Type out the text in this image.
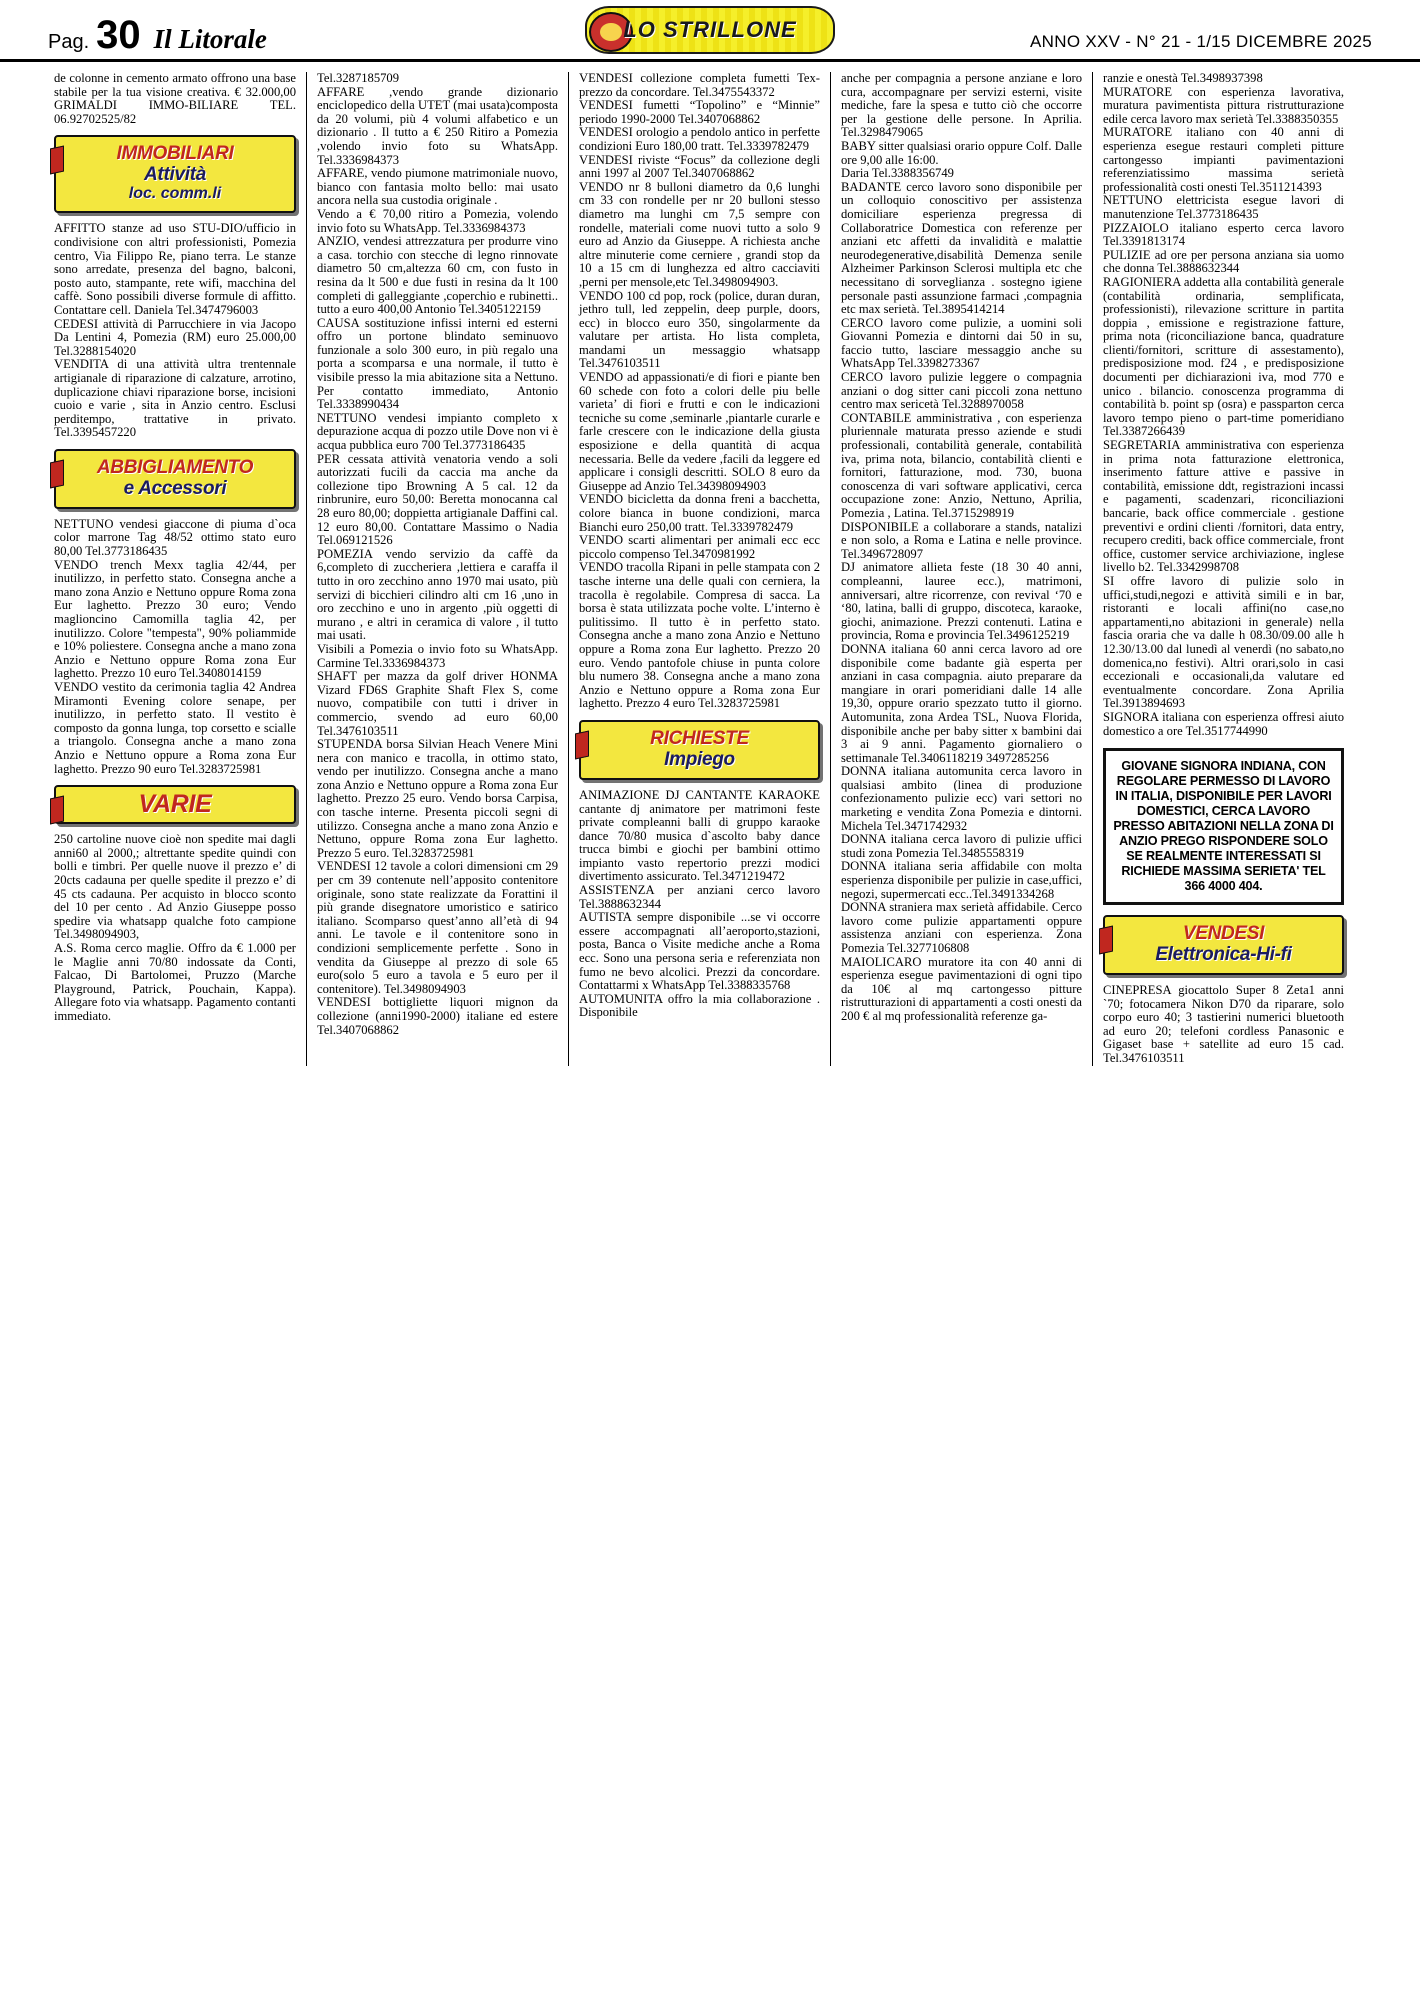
Pag. 30 Il Litorale	LO STRILLONE	ANNO XXV - N° 21 - 1/15 DICEMBRE 2025

de colonne in cemento armato offrono una base stabile per la tua visione creativa. € 32.000,00 GRIMALDI IMMO-BILIARE TEL. 06.92702525/82

IMMOBILIARI
Attività
loc. comm.li

AFFITTO stanze ad uso STU-DIO/ufficio in condivisione con altri professionisti, Pomezia centro, Via Filippo Re, piano terra. Le stanze sono arredate, presenza del bagno, balconi, posto auto, stampante, rete wifi, macchina del caffè. Sono possibili diverse formule di affitto. Contattare cell. Daniela Tel.3474796003

CEDESI attività di Parrucchiere in via Jacopo Da Lentini 4, Pomezia (RM) euro 25.000,00 Tel.3288154020

VENDITA di una attività ultra trentennale artigianale di riparazione di calzature, arrotino, duplicazione chiavi riparazione borse, incisioni cuoio e varie , sita in Anzio centro. Esclusi perditempo, trattative in privato. Tel.3395457220

ABBIGLIAMENTO
e Accessori

NETTUNO vendesi giaccone di piuma d`oca color marrone Tag 48/52 ottimo stato euro 80,00 Tel.3773186435

VENDO trench Mexx taglia 42/44, per inutilizzo, in perfetto stato. Consegna anche a mano zona Anzio e Nettuno oppure Roma zona Eur laghetto. Prezzo 30 euro; Vendo maglioncino Camomilla taglia 42, per inutilizzo. Colore "tempesta", 90% poliammide e 10% poliestere. Consegna anche a mano zona Anzio e Nettuno oppure Roma zona Eur laghetto. Prezzo 10 euro Tel.3408014159

VENDO vestito da cerimonia taglia 42 Andrea Miramonti Evening colore senape, per inutilizzo, in perfetto stato. Il vestito è composto da gonna lunga, top corsetto e scialle a triangolo. Consegna anche a mano zona Anzio e Nettuno oppure a Roma zona Eur laghetto. Prezzo 90 euro Tel.3283725981

VARIE

250 cartoline nuove cioè non spedite mai dagli anni60 al 2000,; altrettante spedite quindi con bolli e timbri. Per quelle nuove il prezzo e’ di 20cts cadauna per quelle spedite il prezzo e’ di 45 cts cadauna. Per acquisto in blocco sconto del 10 per cento . Ad Anzio Giuseppe posso spedire via whatsapp qualche foto campione Tel.3498094903,

A.S. Roma cerco maglie. Offro da € 1.000 per le Maglie anni 70/80 indossate da Conti, Falcao, Di Bartolomei, Pruzzo (Marche Playground, Patrick, Pouchain, Kappa). Allegare foto via whatsapp. Pagamento contanti immediato.

Tel.3287185709

AFFARE ,vendo grande dizionario enciclopedico della UTET (mai usata)composta da 20 volumi, più 4 volumi alfabetico e un dizionario . Il tutto a € 250 Ritiro a Pomezia ,volendo invio foto su WhatsApp. Tel.3336984373

AFFARE, vendo piumone matrimoniale nuovo, bianco con fantasia molto bello: mai usato ancora nella sua custodia originale .

Vendo a € 70,00 ritiro a Pomezia, volendo invio foto su WhatsApp. Tel.3336984373

ANZIO, vendesi attrezzatura per produrre vino a casa. torchio con stecche di legno rinnovate diametro 50 cm,altezza 60 cm, con fusto in resina da lt 500 e due fusti in resina da lt 100 completi di galleggiante ,coperchio e rubinetti.. tutto a euro 400,00 Antonio Tel.3405122159

CAUSA sostituzione infissi interni ed esterni offro un portone blindato seminuovo funzionale a solo 300 euro, in più regalo una porta a scomparsa e una normale, il tutto è visibile presso la mia abitazione sita a Nettuno. Per contatto immediato, Antonio Tel.3338990434

NETTUNO vendesi impianto completo x depurazione acqua di pozzo utile Dove non vi è acqua pubblica euro 700 Tel.3773186435

PER cessata attività venatoria vendo a soli autorizzati fucili da caccia ma anche da collezione tipo Browning A 5 cal. 12 da rinbrunire, euro 50,00: Beretta monocanna cal 28 euro 80,00; doppietta artigianale Daffini cal. 12 euro 80,00. Contattare Massimo o Nadia Tel.069121526

POMEZIA vendo servizio da caffè da 6,completo di zuccheriera ,lettiera e caraffa il tutto in oro zecchino anno 1970 mai usato, più servizi di bicchieri cilindro alti cm 16 ,uno in oro zecchino e uno in argento ,più oggetti di murano , e altri in ceramica di valore , il tutto mai usati.

Visibili a Pomezia o invio foto su WhatsApp. Carmine Tel.3336984373

SHAFT per mazza da golf driver HONMA Vizard FD6S Graphite Shaft Flex S, come nuovo, compatibile con tutti i driver in commercio, svendo ad euro 60,00 Tel.3476103511

STUPENDA borsa Silvian Heach Venere Mini nera con manico e tracolla, in ottimo stato, vendo per inutilizzo. Consegna anche a mano zona Anzio e Nettuno oppure a Roma zona Eur laghetto. Prezzo 25 euro. Vendo borsa Carpisa, con tasche interne. Presenta piccoli segni di utilizzo. Consegna anche a mano zona Anzio e Nettuno, oppure Roma zona Eur laghetto. Prezzo 5 euro. Tel.3283725981

VENDESI 12 tavole a colori dimensioni cm 29 per cm 39 contenute nell’apposito contenitore originale, sono state realizzate da Forattini il più grande disegnatore umoristico e satirico italiano. Scomparso quest’anno all’età di 94 anni. Le tavole e il contenitore sono in condizioni semplicemente perfette . Sono in vendita da Giuseppe al prezzo di sole 65 euro(solo 5 euro a tavola e 5 euro per il contenitore). Tel.3498094903

VENDESI bottigliette liquori mignon da collezione (anni1990-2000) italiane ed estere Tel.3407068862

VENDESI collezione completa fumetti Tex- prezzo da concordare. Tel.3475543372

VENDESI fumetti “Topolino” e “Minnie” periodo 1990-2000 Tel.3407068862

VENDESI orologio a pendolo antico in perfette condizioni Euro 180,00 tratt. Tel.3339782479

VENDESI riviste “Focus” da collezione degli anni 1997 al 2007 Tel.3407068862

VENDO nr 8 bulloni diametro da 0,6 lunghi cm 33 con rondelle per nr 20 bulloni stesso diametro ma lunghi cm 7,5 sempre con rondelle, materiali come nuovi tutto a solo 9 euro ad Anzio da Giuseppe. A richiesta anche altre minuterie come cerniere , grandi stop da 10 a 15 cm di lunghezza ed altro cacciaviti ,perni per mensole,etc Tel.3498094903.

VENDO 100 cd pop, rock (police, duran duran, jethro tull, led zeppelin, deep purple, doors, ecc) in blocco euro 350, singolarmente da valutare per artista. Ho lista completa, mandami un messaggio whatsapp Tel.3476103511

VENDO ad appassionati/e di fiori e piante ben 60 schede con foto a colori delle piu belle varieta’ di fiori e frutti e con le indicazioni tecniche su come ,seminarle ,piantarle curarle e farle crescere con le indicazione della giusta esposizione e della quantità di acqua necessaria. Belle da vedere ,facili da leggere ed applicare i consigli descritti. SOLO 8 euro da Giuseppe ad Anzio Tel.34398094903

VENDO bicicletta da donna freni a bacchetta, colore bianca in buone condizioni, marca Bianchi euro 250,00 tratt. Tel.3339782479

VENDO scarti alimentari per animali ecc ecc piccolo compenso Tel.3470981992

VENDO tracolla Ripani in pelle stampata con 2 tasche interne una delle quali con cerniera, la tracolla è regolabile. Compresa di sacca. La borsa è stata utilizzata poche volte. L’interno è pulitissimo. Il tutto è in perfetto stato. Consegna anche a mano zona Anzio e Nettuno oppure a Roma zona Eur laghetto. Prezzo 20 euro. Vendo pantofole chiuse in punta colore blu numero 38. Consegna anche a mano zona Anzio e Nettuno oppure a Roma zona Eur laghetto. Prezzo 4 euro Tel.3283725981

RICHIESTE
Impiego

ANIMAZIONE DJ CANTANTE KARAOKE cantante dj animatore per matrimoni feste private compleanni balli di gruppo karaoke dance 70/80 musica d`ascolto baby dance trucca bimbi e giochi per bambini ottimo impianto vasto repertorio prezzi modici divertimento assicurato. Tel.3471219472

ASSISTENZA per anziani cerco lavoro Tel.3888632344

AUTISTA sempre disponibile ...se vi occorre essere accompagnati all’aeroporto,stazioni, posta, Banca o Visite mediche anche a Roma ecc. Sono una persona seria e referenziata non fumo ne bevo alcolici. Prezzi da concordare. Contattarmi x WhatsApp Tel.3388335768

AUTOMUNITA offro la mia collaborazione . Disponibile

anche per compagnia a persone anziane e loro cura, accompagnare per servizi esterni, visite mediche, fare la spesa e tutto ciò che occorre per la gestione delle persone. In Aprilia. Tel.3298479065

BABY sitter qualsiasi orario oppure Colf. Dalle ore 9,00 alle 16:00.

Daria Tel.3388356749

BADANTE cerco lavoro sono disponibile per un colloquio conoscitivo per assistenza domiciliare esperienza pregressa di Collaboratrice Domestica con referenze per anziani etc affetti da invalidità e malattie neurodegenerative,disabilità Demenza senile Alzheimer Parkinson Sclerosi multipla etc che necessitano di sorveglianza . sostegno igiene personale pasti assunzione farmaci ,compagnia etc max serietà. Tel.3895414214

CERCO lavoro come pulizie, a uomini soli Giovanni Pomezia e dintorni dai 50 in su, faccio tutto, lasciare messaggio anche su WhatsApp Tel.3398273367

CERCO lavoro pulizie leggere o compagnia anziani o dog sitter cani piccoli zona nettuno centro max sericetà Tel.3288970058

CONTABILE amministrativa , con esperienza pluriennale maturata presso aziende e studi professionali, contabilità generale, contabilità iva, prima nota, bilancio, contabilità clienti e fornitori, fatturazione, mod. 730, buona conoscenza di vari software applicativi, cerca occupazione zone: Anzio, Nettuno, Aprilia, Pomezia , Latina. Tel.3715298919

DISPONIBILE a collaborare a stands, natalizi e non solo, a Roma e Latina e nelle province. Tel.3496728097

DJ animatore allieta feste (18 30 40 anni, compleanni, lauree ecc.), matrimoni, anniversari, altre ricorrenze, con revival ‘70 e ‘80, latina, balli di gruppo, discoteca, karaoke, giochi, animazione. Prezzi contenuti. Latina e provincia, Roma e provincia Tel.3496125219

DONNA italiana 60 anni cerca lavoro ad ore disponibile come badante già esperta per anziani in casa compagnia. aiuto preparare da mangiare in orari pomeridiani dalle 14 alle 19,30, oppure orario spezzato tutto il giorno. Automunita, zona Ardea TSL, Nuova Florida, disponibile anche per baby sitter x bambini dai 3 ai 9 anni. Pagamento giornaliero o settimanale Tel.3406118219 3497285256

DONNA italiana automunita cerca lavoro in qualsiasi ambito (linea di produzione confezionamento pulizie ecc) vari settori no marketing e vendita Zona Pomezia e dintorni. Michela Tel.3471742932

DONNA italiana cerca lavoro di pulizie uffici studi zona Pomezia Tel.3485558319

DONNA italiana seria affidabile con molta esperienza disponibile per pulizie in case,uffici, negozi, supermercati ecc..Tel.3491334268

DONNA straniera max serietà affidabile. Cerco lavoro come pulizie appartamenti oppure assistenza anziani con esperienza. Zona Pomezia Tel.3277106808

MAIOLICARO muratore ita con 40 anni di esperienza esegue pavimentazioni di ogni tipo da 10€ al mq cartongesso pitture ristrutturazioni di appartamenti a costi onesti da 200 € al mq professionalità referenze ga-

ranzie e onestà Tel.3498937398

MURATORE con esperienza lavorativa, muratura pavimentista pittura ristrutturazione edile cerca lavoro max serietà Tel.3388350355

MURATORE italiano con 40 anni di esperienza esegue restauri completi pitture cartongesso impianti pavimentazioni referenziatissimo massima serietà professionalità costi onesti Tel.3511214393

NETTUNO elettricista esegue lavori di manutenzione Tel.3773186435

PIZZAIOLO italiano esperto cerca lavoro Tel.3391813174

PULIZIE ad ore per persona anziana sia uomo che donna Tel.3888632344

RAGIONIERA addetta alla contabilità generale (contabilità ordinaria, semplificata, professionisti), rilevazione scritture in partita doppia , emissione e registrazione fatture, prima nota (riconciliazione banca, quadrature clienti/fornitori, scritture di assestamento), predisposizione mod. f24 , e predisposizione documenti per dichiarazioni iva, mod 770 e unico . bilancio. conoscenza programma di contabilità b. point sp (osra) e passparton cerca lavoro tempo pieno o part-time pomeridiano Tel.3387266439

SEGRETARIA amministrativa con esperienza in prima nota fatturazione elettronica, inserimento fatture attive e passive in contabilità, emissione ddt, registrazioni incassi e pagamenti, scadenzari, riconciliazioni bancarie, back office commerciale . gestione preventivi e ordini clienti /fornitori, data entry, recupero crediti, back office commerciale, front office, customer service archiviazione, inglese livello b2. Tel.3342998708

SI offre lavoro di pulizie solo in uffici,studi,negozi e attività simili e in bar, ristoranti e locali affini(no case,no appartamenti,no abitazioni in generale) nella fascia oraria che va dalle h 08.30/09.00 alle h 12.30/13.00 dal lunedì al venerdì (no sabato,no domenica,no festivi). Altri orari,solo in casi eccezionali e occasionali,da valutare ed eventualmente concordare. Zona Aprilia Tel.3913894693

SIGNORA italiana con esperienza offresi aiuto domestico a ore Tel.3517744990

GIOVANE SIGNORA INDIANA, CON REGOLARE PERMESSO DI LAVORO IN ITALIA, DISPONIBILE PER LAVORI DOMESTICI, CERCA LAVORO PRESSO ABITAZIONI NELLA ZONA DI ANZIO PREGO RISPONDERE SOLO SE REALMENTE INTERESSATI SI RICHIEDE MASSIMA SERIETA' TEL 366 4000 404.
VENDESI
Elettronica-Hi-fi

CINEPRESA giocattolo Super 8 Zeta1 anni `70; fotocamera Nikon D70 da riparare, solo corpo euro 40; 3 tastierini numerici bluetooth ad euro 20; telefoni cordless Panasonic e Gigaset base + satellite ad euro 15 cad. Tel.3476103511
